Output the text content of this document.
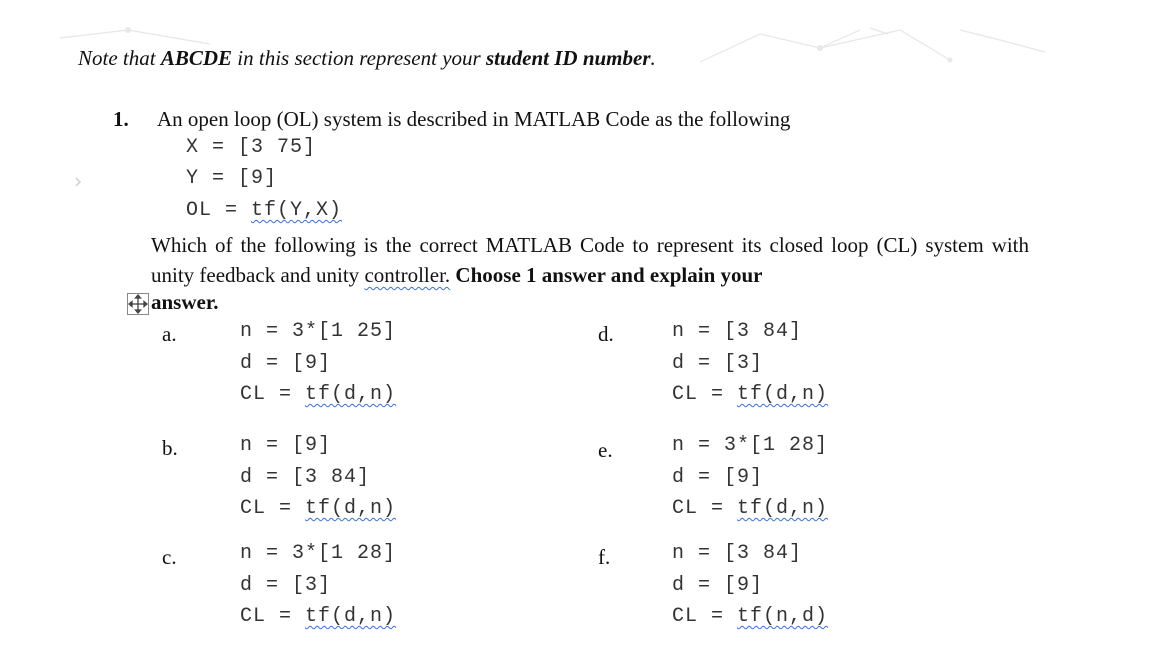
Note that ABCDE in this section represent your student ID number.
1. An open loop (OL) system is described in MATLAB Code as the following
X = [3 75]
Y = [9]
OL = tf(Y,X)
Which of the following is the correct MATLAB Code to represent its closed loop (CL) system with unity feedback and unity controller. Choose 1 answer and explain your
answer.
a.	n = 3*[1 25]
d = [9]
CL = tf(d,n)
b.	n = [9]
d = [3 84]
CL = tf(d,n)
c.	n = 3*[1 28]
d = [3]
CL = tf(d,n)
d.	n = [3 84]
d = [3]
CL = tf(d,n)
e.	n = 3*[1 28]
d = [9]
CL = tf(d,n)
f.	n = [3 84]
d = [9]
CL = tf(n,d)
